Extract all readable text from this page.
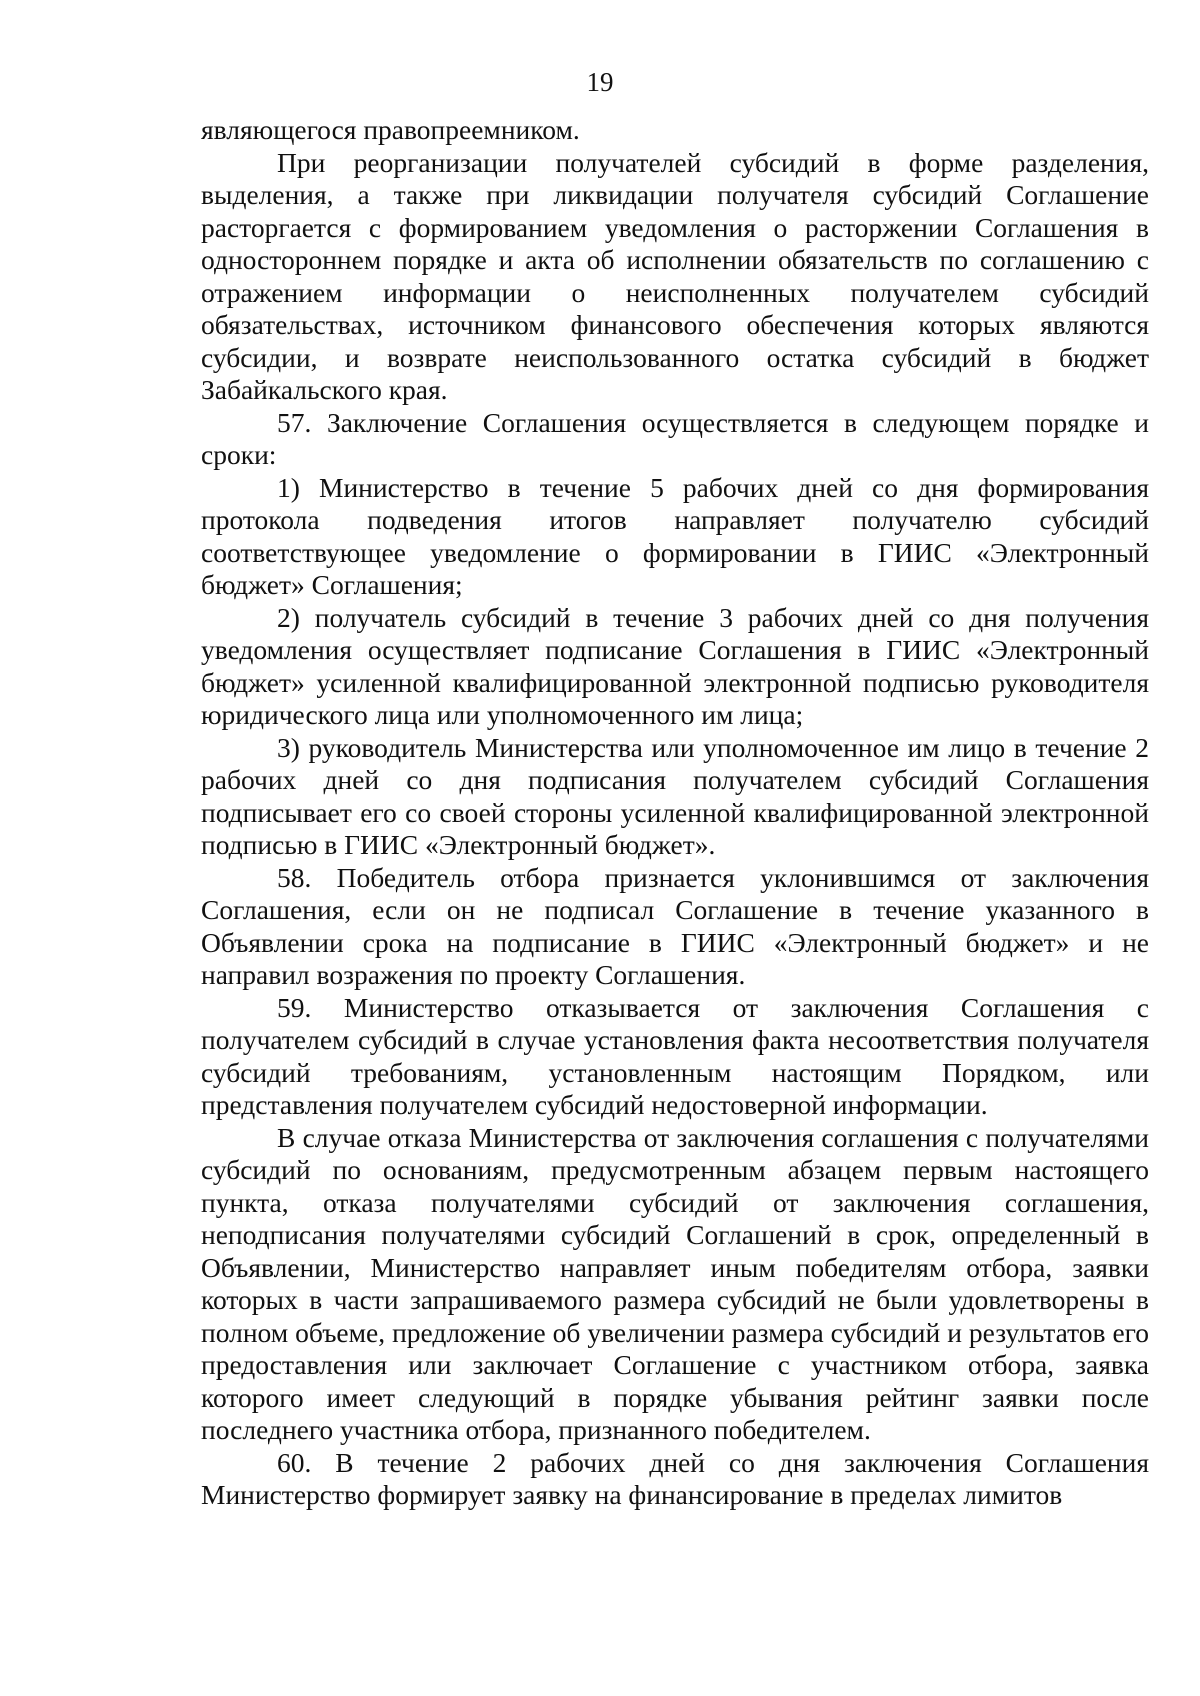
19

являющегося правопреемником.

При реорганизации получателей субсидий в форме разделения, выделения, а также при ликвидации получателя субсидий Соглашение расторгается с формированием уведомления о расторжении Соглашения в одностороннем порядке и акта об исполнении обязательств по соглашению с отражением информации о неисполненных получателем субсидий обязательствах, источником финансового обеспечения которых являются субсидии, и возврате неиспользованного остатка субсидий в бюджет Забайкальского края.

57. Заключение Соглашения осуществляется в следующем порядке и сроки:

1) Министерство в течение 5 рабочих дней со дня формирования протокола подведения итогов направляет получателю субсидий соответствующее уведомление о формировании в ГИИС «Электронный бюджет» Соглашения;

2) получатель субсидий в течение 3 рабочих дней со дня получения уведомления осуществляет подписание Соглашения в ГИИС «Электронный бюджет» усиленной квалифицированной электронной подписью руководителя юридического лица или уполномоченного им лица;

3) руководитель Министерства или уполномоченное им лицо в течение 2 рабочих дней со дня подписания получателем субсидий Соглашения подписывает его со своей стороны усиленной квалифицированной электронной подписью в ГИИС «Электронный бюджет».

58. Победитель отбора признается уклонившимся от заключения Соглашения, если он не подписал Соглашение в течение указанного в Объявлении срока на подписание в ГИИС «Электронный бюджет» и не направил возражения по проекту Соглашения.

59. Министерство отказывается от заключения Соглашения с получателем субсидий в случае установления факта несоответствия получателя субсидий требованиям, установленным настоящим Порядком, или представления получателем субсидий недостоверной информации.

В случае отказа Министерства от заключения соглашения с получателями субсидий по основаниям, предусмотренным абзацем первым настоящего пункта, отказа получателями субсидий от заключения соглашения, неподписания получателями субсидий Соглашений в срок, определенный в Объявлении, Министерство направляет иным победителям отбора, заявки которых в части запрашиваемого размера субсидий не были удовлетворены в полном объеме, предложение об увеличении размера субсидий и результатов его предоставления или заключает Соглашение с участником отбора, заявка которого имеет следующий в порядке убывания рейтинг заявки после последнего участника отбора, признанного победителем.

60. В течение 2 рабочих дней со дня заключения Соглашения Министерство формирует заявку на финансирование в пределах лимитов
